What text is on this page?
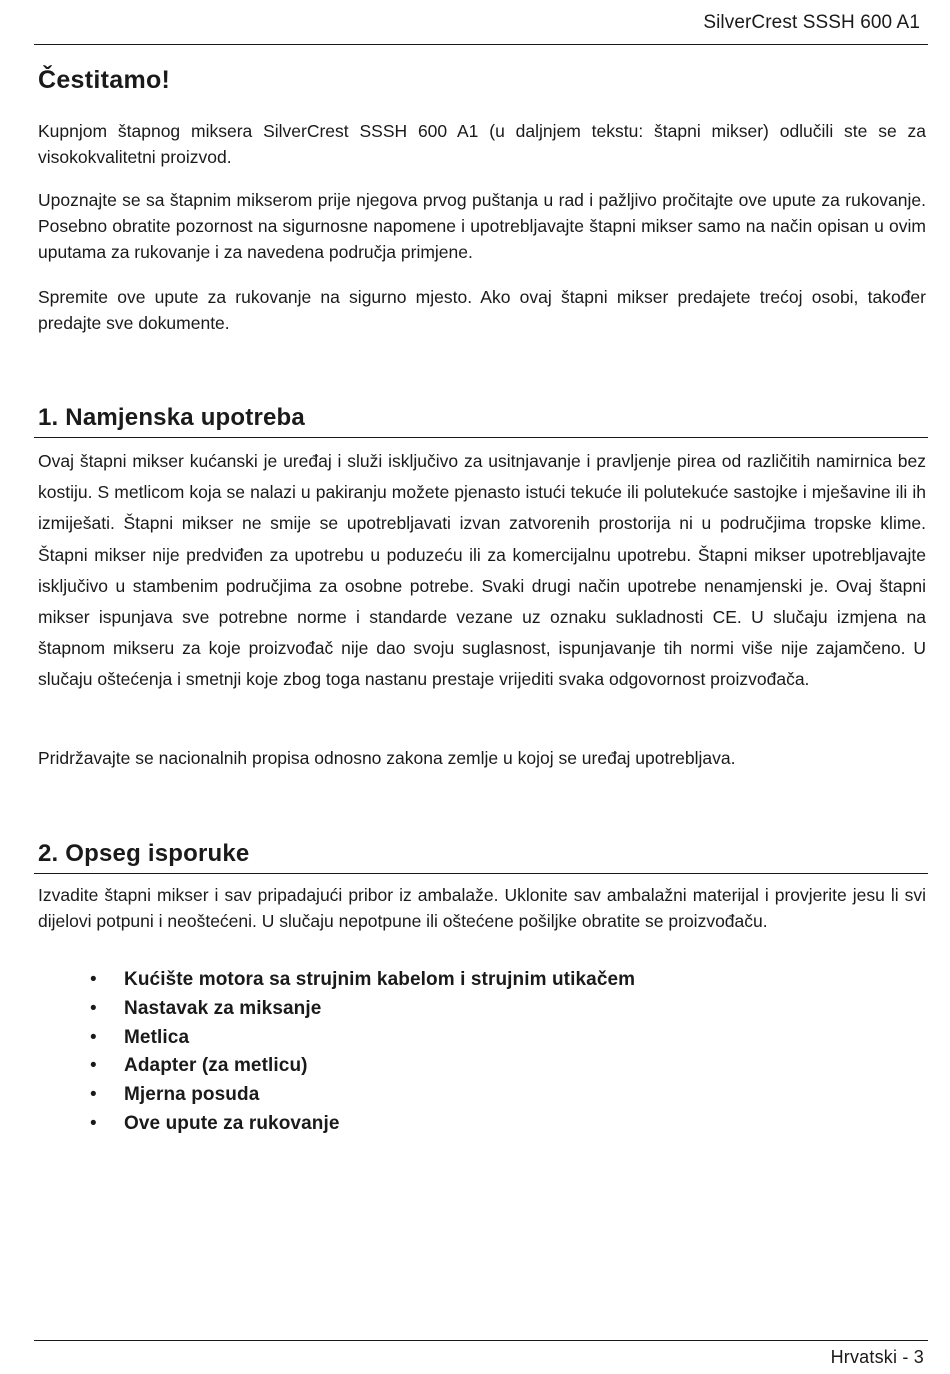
SilverCrest SSSH 600 A1
Čestitamo!

Kupnjom štapnog miksera SilverCrest SSSH 600 A1 (u daljnjem tekstu: štapni mikser) odlučili ste se za visokokvalitetni proizvod.

Upoznajte se sa štapnim mikserom prije njegova prvog puštanja u rad i pažljivo pročitajte ove upute za rukovanje. Posebno obratite pozornost na sigurnosne napomene i upotrebljavajte štapni mikser samo na način opisan u ovim uputama za rukovanje i za navedena područja primjene.

Spremite ove upute za rukovanje na sigurno mjesto. Ako ovaj štapni mikser predajete trećoj osobi, također predajte sve dokumente.

1. Namjenska upotreba

Ovaj štapni mikser kućanski je uređaj i služi isključivo za usitnjavanje i pravljenje pirea od različitih namirnica bez kostiju. S metlicom koja se nalazi u pakiranju možete pjenasto istući tekuće ili polutekuće sastojke i mješavine ili ih izmiješati. Štapni mikser ne smije se upotrebljavati izvan zatvorenih prostorija ni u područjima tropske klime. Štapni mikser nije predviđen za upotrebu u poduzeću ili za komercijalnu upotrebu. Štapni mikser upotrebljavajte isključivo u stambenim područjima za osobne potrebe. Svaki drugi način upotrebe nenamjenski je. Ovaj štapni mikser ispunjava sve potrebne norme i standarde vezane uz oznaku sukladnosti CE. U slučaju izmjena na štapnom mikseru za koje proizvođač nije dao svoju suglasnost, ispunjavanje tih normi više nije zajamčeno. U slučaju oštećenja i smetnji koje zbog toga nastanu prestaje vrijediti svaka odgovornost proizvođača.

Pridržavajte se nacionalnih propisa odnosno zakona zemlje u kojoj se uređaj upotrebljava.

2. Opseg isporuke

Izvadite štapni mikser i sav pripadajući pribor iz ambalaže. Uklonite sav ambalažni materijal i provjerite jesu li svi dijelovi potpuni i neoštećeni. U slučaju nepotpune ili oštećene pošiljke obratite se proizvođaču.

• Kućište motora sa strujnim kabelom i strujnim utikačem
• Nastavak za miksanje
• Metlica
• Adapter (za metlicu)
• Mjerna posuda
• Ove upute za rukovanje
Hrvatski - 3
